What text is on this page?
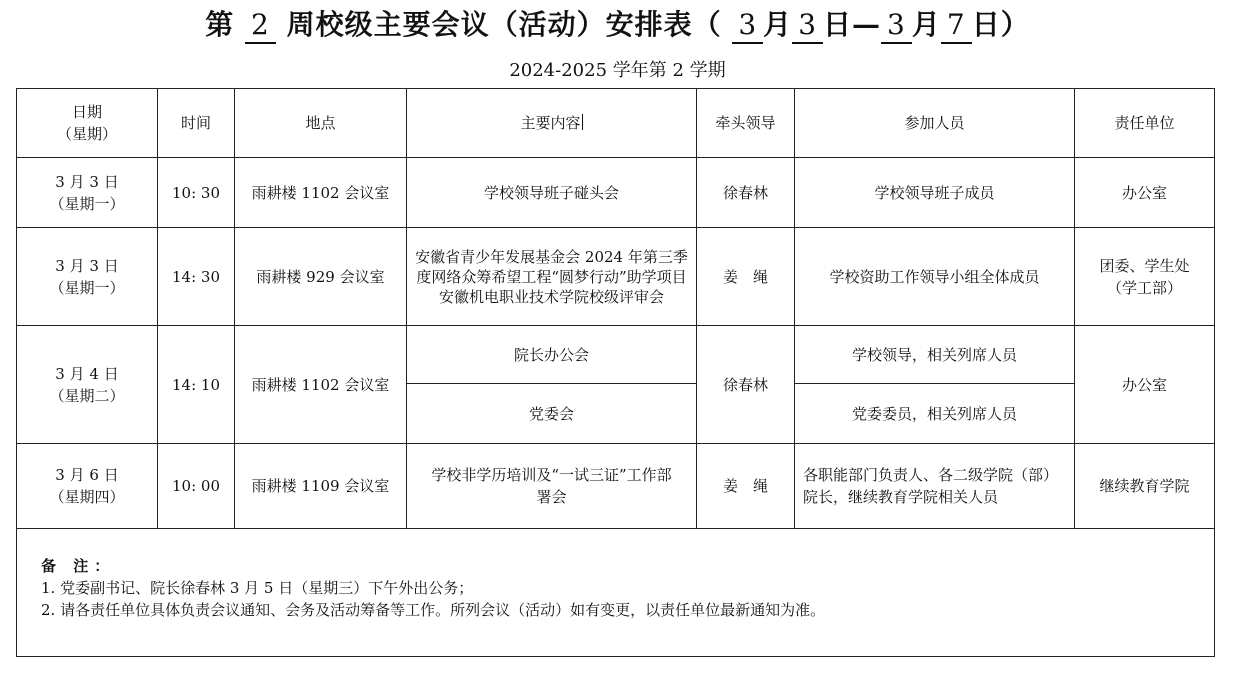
第 2 周校级主要会议（活动）安排表（ 3 月 3 日— 3 月 7 日）
2024-2025 学年第 2 学期
日期
（星期）	时间	地点	主要内容	牵头领导	参加人员	责任单位
3 月 3 日
（星期一）	10: 30	雨耕楼 1102 会议室	学校领导班子碰头会	徐春林	学校领导班子成员	办公室
3 月 3 日
（星期一）	14: 30	雨耕楼 929 会议室	安徽省青少年发展基金会 2024 年第三季度网络众筹希望工程“圆梦行动”助学项目安徽机电职业技术学院校级评审会	姜　绳	学校资助工作领导小组全体成员	团委、学生处（学工部）
3 月 4 日
（星期二）	14: 10	雨耕楼 1102 会议室	院长办公会	徐春林	学校领导，相关列席人员	办公室
			党委会		党委委员，相关列席人员	
3 月 6 日
（星期四）	10: 00	雨耕楼 1109 会议室	学校非学历培训及“一试三证”工作部署会	姜　绳	各职能部门负责人、各二级学院（部）院长，继续教育学院相关人员	继续教育学院

备 注：
1. 党委副书记、院长徐春林 3 月 5 日（星期三）下午外出公务；
2. 请各责任单位具体负责会议通知、会务及活动筹备等工作。所列会议（活动）如有变更，以责任单位最新通知为准。						
